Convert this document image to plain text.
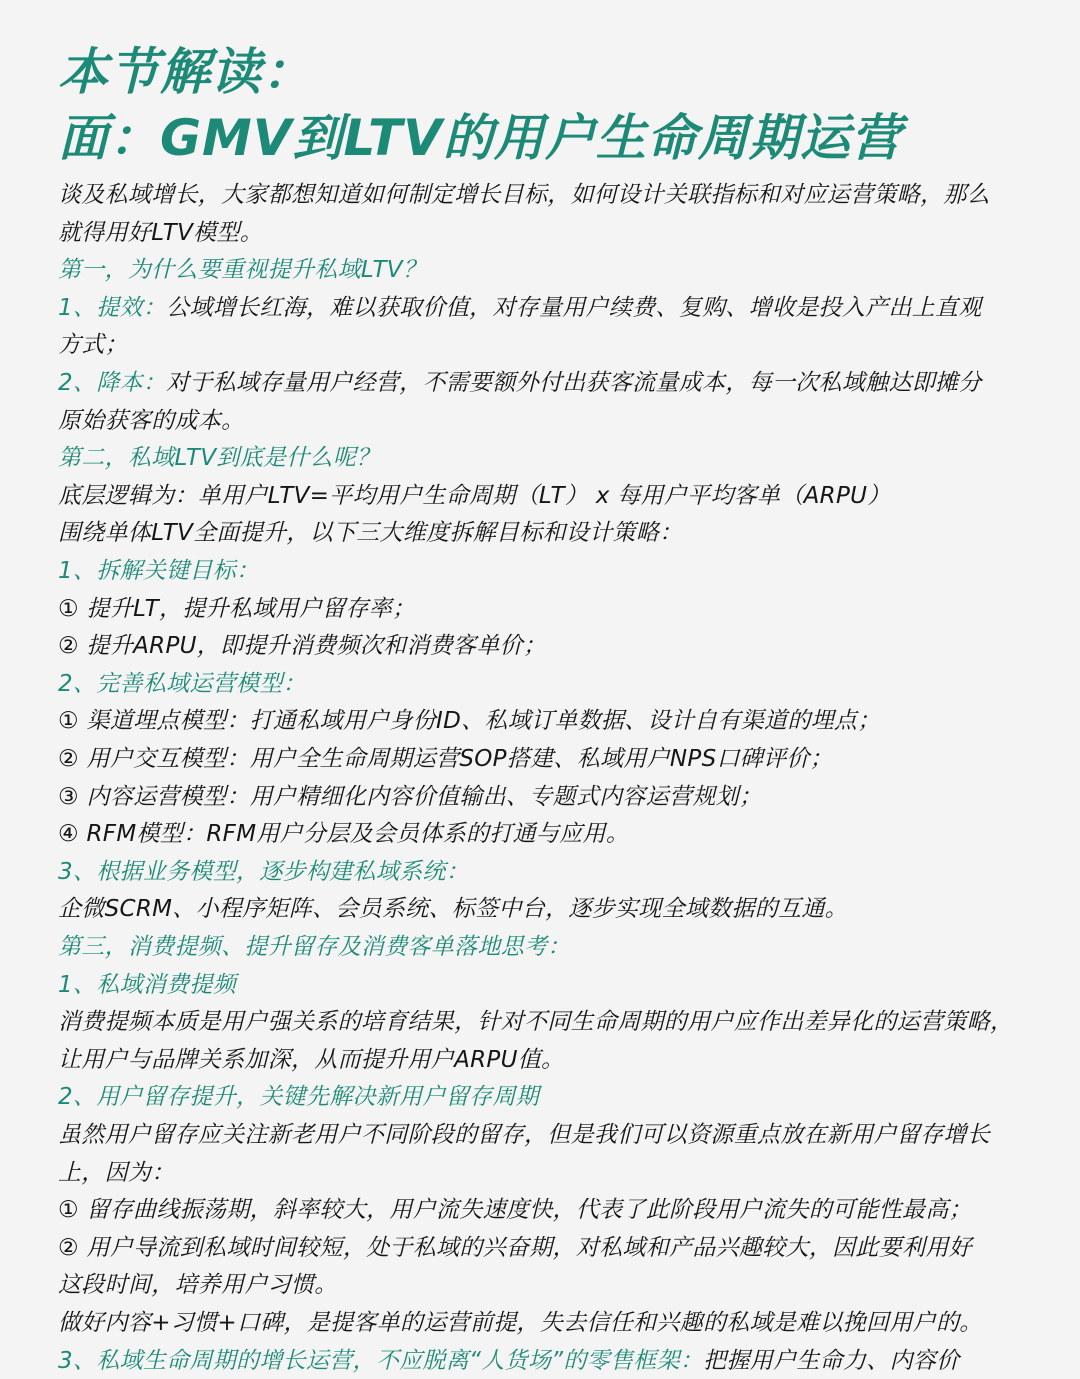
本节解读：
面：GMV到LTV的用户生命周期运营

谈及私域增长，大家都想知道如何制定增长目标，如何设计关联指标和对应运营策略，那么

就得用好LTV模型。

第一，为什么要重视提升私域LTV？

1、提效：公域增长红海，难以获取价值，对存量用户续费、复购、增收是投入产出上直观

方式；

2、降本：对于私域存量用户经营，不需要额外付出获客流量成本，每一次私域触达即摊分

原始获客的成本。

第二，私域LTV到底是什么呢？

底层逻辑为：单用户LTV=平均用户生命周期（LT） x 每用户平均客单（ARPU）

围绕单体LTV全面提升，以下三大维度拆解目标和设计策略：

1、拆解关键目标：

① 提升LT，提升私域用户留存率；

② 提升ARPU，即提升消费频次和消费客单价；

2、完善私域运营模型：

① 渠道埋点模型：打通私域用户身份ID、私域订单数据、设计自有渠道的埋点；

② 用户交互模型：用户全生命周期运营SOP搭建、私域用户NPS口碑评价；

③ 内容运营模型：用户精细化内容价值输出、专题式内容运营规划；

④ RFM模型：RFM用户分层及会员体系的打通与应用。

3、根据业务模型，逐步构建私域系统：

企微SCRM、小程序矩阵、会员系统、标签中台，逐步实现全域数据的互通。

第三，消费提频、提升留存及消费客单落地思考：

1、私域消费提频

消费提频本质是用户强关系的培育结果，针对不同生命周期的用户应作出差异化的运营策略，

让用户与品牌关系加深，从而提升用户ARPU值。

2、用户留存提升，关键先解决新用户留存周期

虽然用户留存应关注新老用户不同阶段的留存，但是我们可以资源重点放在新用户留存增长

上，因为：

① 留存曲线振荡期，斜率较大，用户流失速度快，代表了此阶段用户流失的可能性最高；

② 用户导流到私域时间较短，处于私域的兴奋期，对私域和产品兴趣较大，因此要利用好

这段时间，培养用户习惯。

做好内容+习惯+口碑，是提客单的运营前提，失去信任和兴趣的私域是难以挽回用户的。

3、私域生命周期的增长运营，不应脱离“人货场”的零售框架：把握用户生命力、内容价
